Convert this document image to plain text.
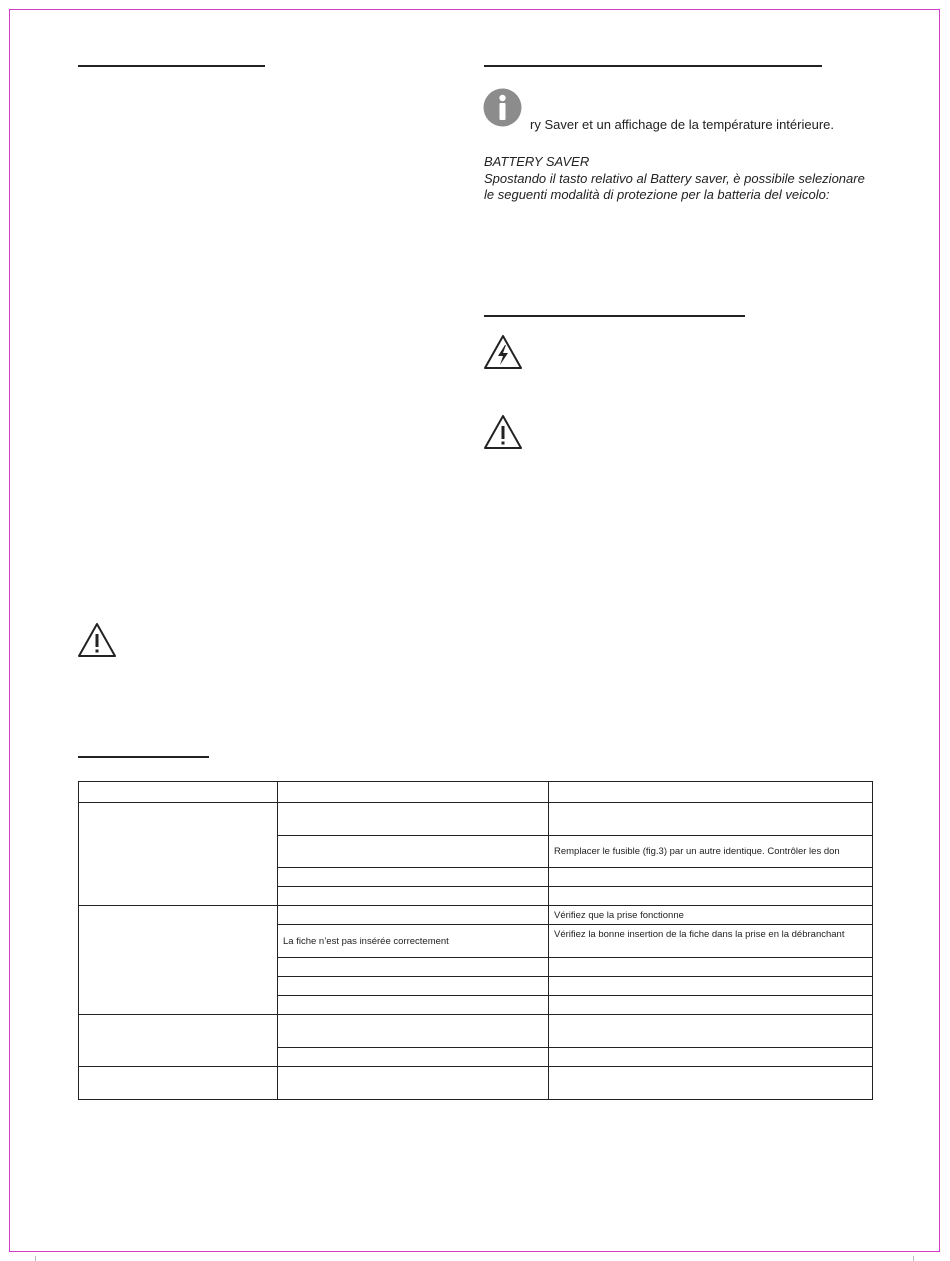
ry Saver et un affichage de la température intérieure.
BATTERY SAVER
Spostando il tasto relativo al Battery saver, è possibile selezionare
le seguenti modalità di protezione per la batteria del veicolo:

		Remplacer le fusible (fig.3) par un autre identique. Contrôler les don

		Vérifiez que la prise fonctionne
	La fiche n’est pas insérée correctement	Vérifiez la bonne insertion de la fiche dans la prise en la débranchant
